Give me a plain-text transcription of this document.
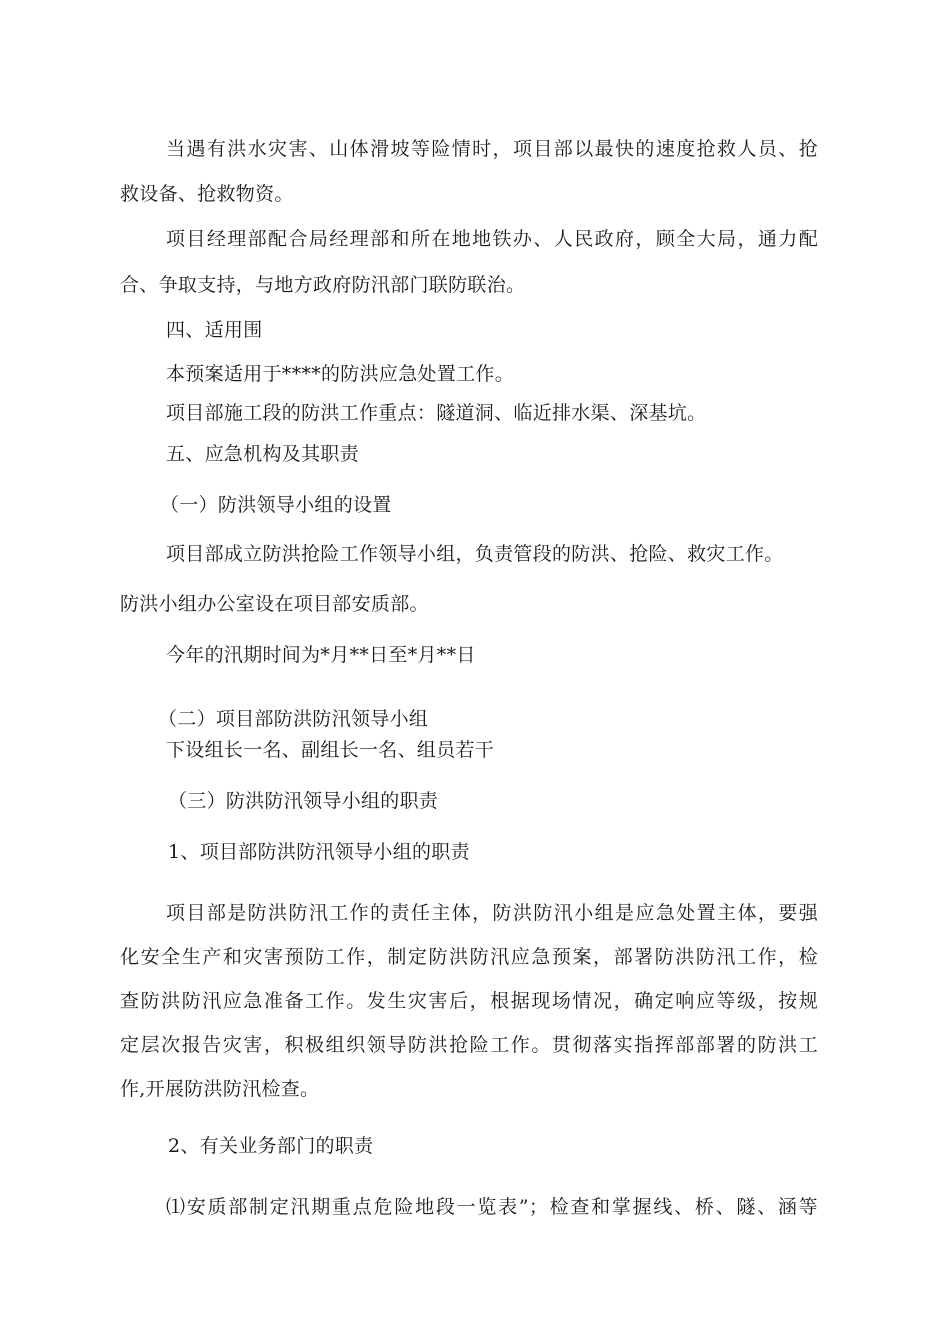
当遇有洪水灾害、山体滑坡等险情时，项目部以最快的速度抢救人员、抢
救设备、抢救物资。
项目经理部配合局经理部和所在地地铁办、人民政府，顾全大局，通力配
合、争取支持，与地方政府防汛部门联防联治。
四、适用围
本预案适用于****的防洪应急处置工作。
项目部施工段的防洪工作重点：隧道洞、临近排水渠、深基坑。
五、应急机构及其职责
（一）防洪领导小组的设置
项目部成立防洪抢险工作领导小组，负责管段的防洪、抢险、救灾工作。
防洪小组办公室设在项目部安质部。
今年的汛期时间为*月**日至*月**日
（二）项目部防洪防汛领导小组
下设组长一名、副组长一名、组员若干
（三）防洪防汛领导小组的职责
1、项目部防洪防汛领导小组的职责
项目部是防洪防汛工作的责任主体，防洪防汛小组是应急处置主体，要强
化安全生产和灾害预防工作，制定防洪防汛应急预案，部署防洪防汛工作，检
查防洪防汛应急准备工作。发生灾害后，根据现场情况，确定响应等级，按规
定层次报告灾害，积极组织领导防洪抢险工作。贯彻落实指挥部部署的防洪工
作,开展防洪防汛检查。
2、有关业务部门的职责
⑴安质部制定汛期重点危险地段一览表”；检查和掌握线、桥、隧、涵等
